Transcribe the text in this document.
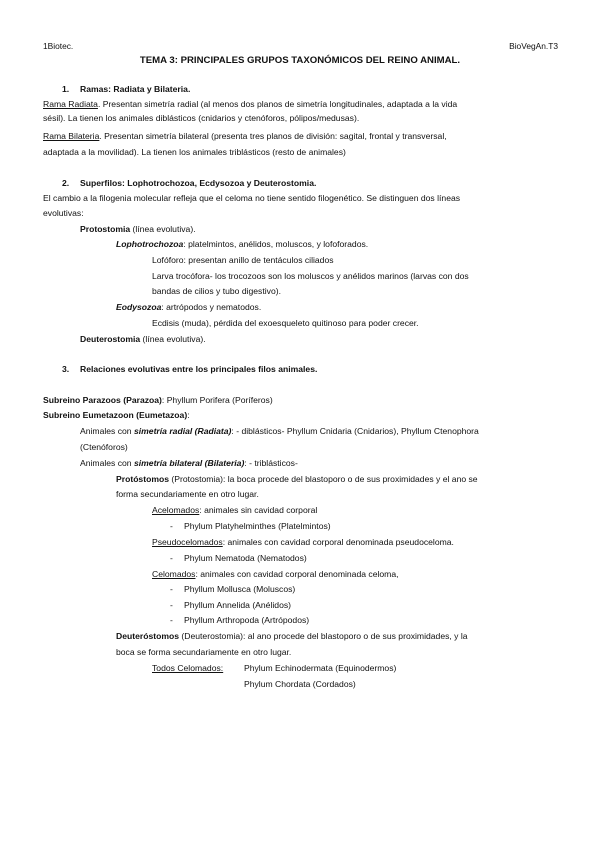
1Biotec.	BioVegAn.T3
TEMA 3: PRINCIPALES GRUPOS TAXONÓMICOS DEL REINO ANIMAL.
1. Ramas: Radiata y Bilateria.
Rama Radiata. Presentan simetría radial (al menos dos planos de simetría longitudinales, adaptada a la vida
sésil). La tienen los animales diblásticos (cnidarios y ctenóforos, pólipos/medusas).
Rama Bilateria. Presentan simetría bilateral (presenta tres planos de división: sagital, frontal y transversal,
adaptada a la movilidad). La tienen los animales triblásticos (resto de animales)
2. Superfilos: Lophotrochozoa, Ecdysozoa y Deuterostomia.
El cambio a la filogenia molecular refleja que el celoma no tiene sentido filogenético. Se distinguen dos líneas
evolutivas:
Protostomia (línea evolutiva).
Lophotrochozoa: platelmintos, anélidos, moluscos, y lofoforados.
Lofóforo: presentan anillo de tentáculos ciliados
Larva trocófora- los trocozoos son los moluscos y anélidos marinos (larvas con dos
bandas de cilios y tubo digestivo).
Eodysozoa: artrópodos y nematodos.
Ecdisis (muda), pérdida del exoesqueleto quitinoso para poder crecer.
Deuterostomia (línea evolutiva).
3. Relaciones evolutivas entre los principales filos animales.
Subreino Parazoos (Parazoa): Phyllum Porifera (Poríferos)
Subreino Eumetazoon (Eumetazoa):
Animales con simetría radial (Radiata): - diblásticos- Phyllum Cnidaria (Cnidarios), Phyllum Ctenophora
(Ctenóforos)
Animales con simetría bilateral (Bilateria): - triblásticos-
Protóstomos (Protostomia): la boca procede del blastoporo o de sus proximidades y el ano se
forma secundariamente en otro lugar.
Acelomados: animales sin cavidad corporal
- Phylum Platyhelminthes (Platelmintos)
Pseudocelomados: animales con cavidad corporal denominada pseudoceloma.
- Phylum Nematoda (Nematodos)
Celomados: animales con cavidad corporal denominada celoma,
- Phyllum Mollusca (Moluscos)
- Phyllum Annelida (Anélidos)
- Phyllum Arthropoda (Artrópodos)
Deuteróstomos (Deuterostomia): al ano procede del blastoporo o de sus proximidades, y la
boca se forma secundariamente en otro lugar.
Todos Celomados: Phylum Echinodermata (Equinodermos)
Phylum Chordata (Cordados)
